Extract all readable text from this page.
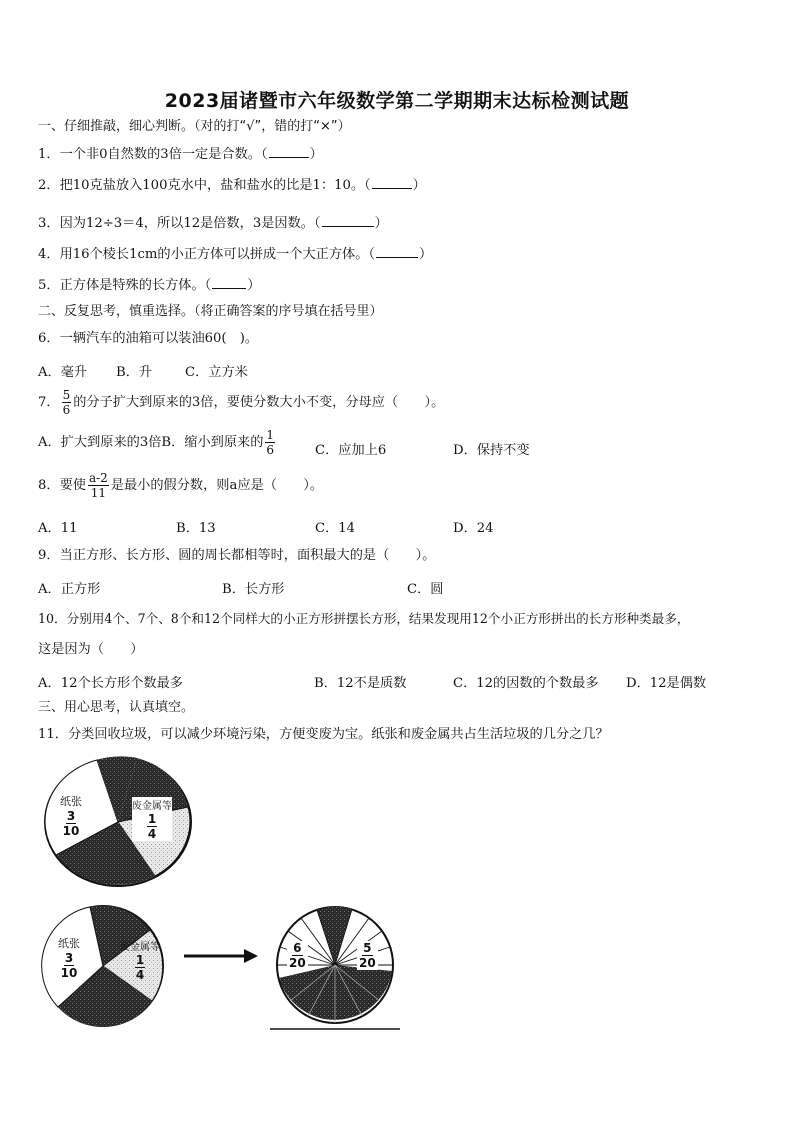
2023届诸暨市六年级数学第二学期期末达标检测试题
一、仔细推敲，细心判断。（对的打“√”，错的打“×”）
1．一个非0自然数的3倍一定是合数。（	）
2．把10克盐放入100克水中，盐和盐水的比是1：10。（	）
3．因为12÷3＝4，所以12是倍数，3是因数。（	）
4．用16个棱长1cm的小正方体可以拼成一个大正方体。（	）
5．正方体是特殊的长方体。（	）
二、反复思考，慎重选择。（将正确答案的序号填在括号里）
6．一辆汽车的油箱可以装油60(　)。
A．毫升 B．升 C．立方米
7． $\frac{5}{6}$ 的分子扩大到原来的3倍，要使分数大小不变，分母应（　　）。
A．扩大到原来的3倍B．缩小到原来的 $\frac{1}{6}$	C．应加上6	D．保持不变
8．要使 $\frac{a-2}{11}$ 是最小的假分数，则a应是（　　）。
A．11	B．13	C．14	D．24
9．当正方形、长方形、圆的周长都相等时，面积最大的是（　　）。
A．正方形	B．长方形	C．圆
10．分别用4个、7个、8个和12个同样大的小正方形拼摆长方形，结果发现用12个小正方形拼出的长方形种类最多，
这是因为（　　）
A．12个长方形个数最多	B．12不是质数	C．12的因数的个数最多 D．12是偶数
三、用心思考，认真填空。
11．分类回收垃圾，可以减少环境污染，方便变废为宝。纸张和废金属共占生活垃圾的几分之几？
纸张
$\frac{3}{10}$
废金属等
$\frac{1}{4}$
纸张
$\frac{3}{10}$
废金属等
$\frac{1}{4}$	$\frac{6}{20}$	$\frac{5}{20}$
